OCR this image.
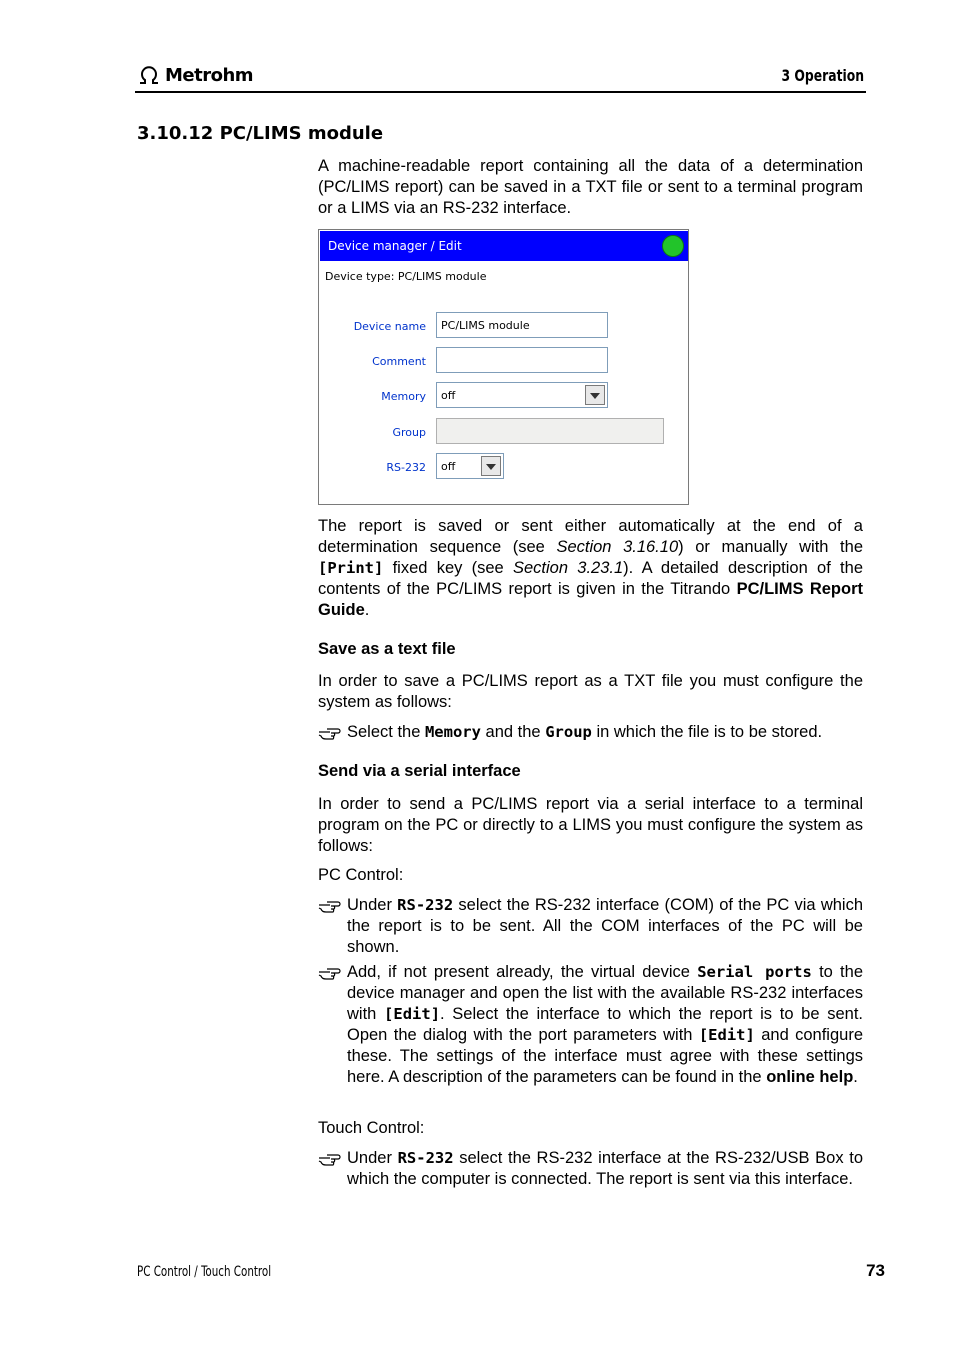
Metrohm	3 Operation
3.10.12 PC/LIMS module
A machine-readable report containing all the data of a determination (PC/LIMS report) can be saved in a TXT file or sent to a terminal program or a LIMS via an RS-232 interface.
Device manager / Edit
Device type: PC/LIMS module
Device name	PC/LIMS module
Comment
Memory	off
Group
RS-232	off
The report is saved or sent either automatically at the end of a determination sequence (see Section 3.16.10) or manually with the [Print] fixed key (see Section 3.23.1). A detailed description of the contents of the PC/LIMS report is given in the Titrando PC/LIMS Report Guide.
Save as a text file
In order to save a PC/LIMS report as a TXT file you must configure the system as follows:
Select the Memory and the Group in which the file is to be stored.
Send via a serial interface
In order to send a PC/LIMS report via a serial interface to a terminal program on the PC or directly to a LIMS you must configure the system as follows:
PC Control:
Under RS-232 select the RS-232 interface (COM) of the PC via which the report is to be sent. All the COM interfaces of the PC will be shown.
Add, if not present already, the virtual device Serial ports to the device manager and open the list with the available RS-232 interfaces with [Edit]. Select the interface to which the report is to be sent. Open the dialog with the port parameters with [Edit] and configure these. The settings of the interface must agree with these settings here. A description of the parameters can be found in the online help.
Touch Control:
Under RS-232 select the RS-232 interface at the RS-232/USB Box to which the computer is connected. The report is sent via this interface.
PC Control / Touch Control	73
